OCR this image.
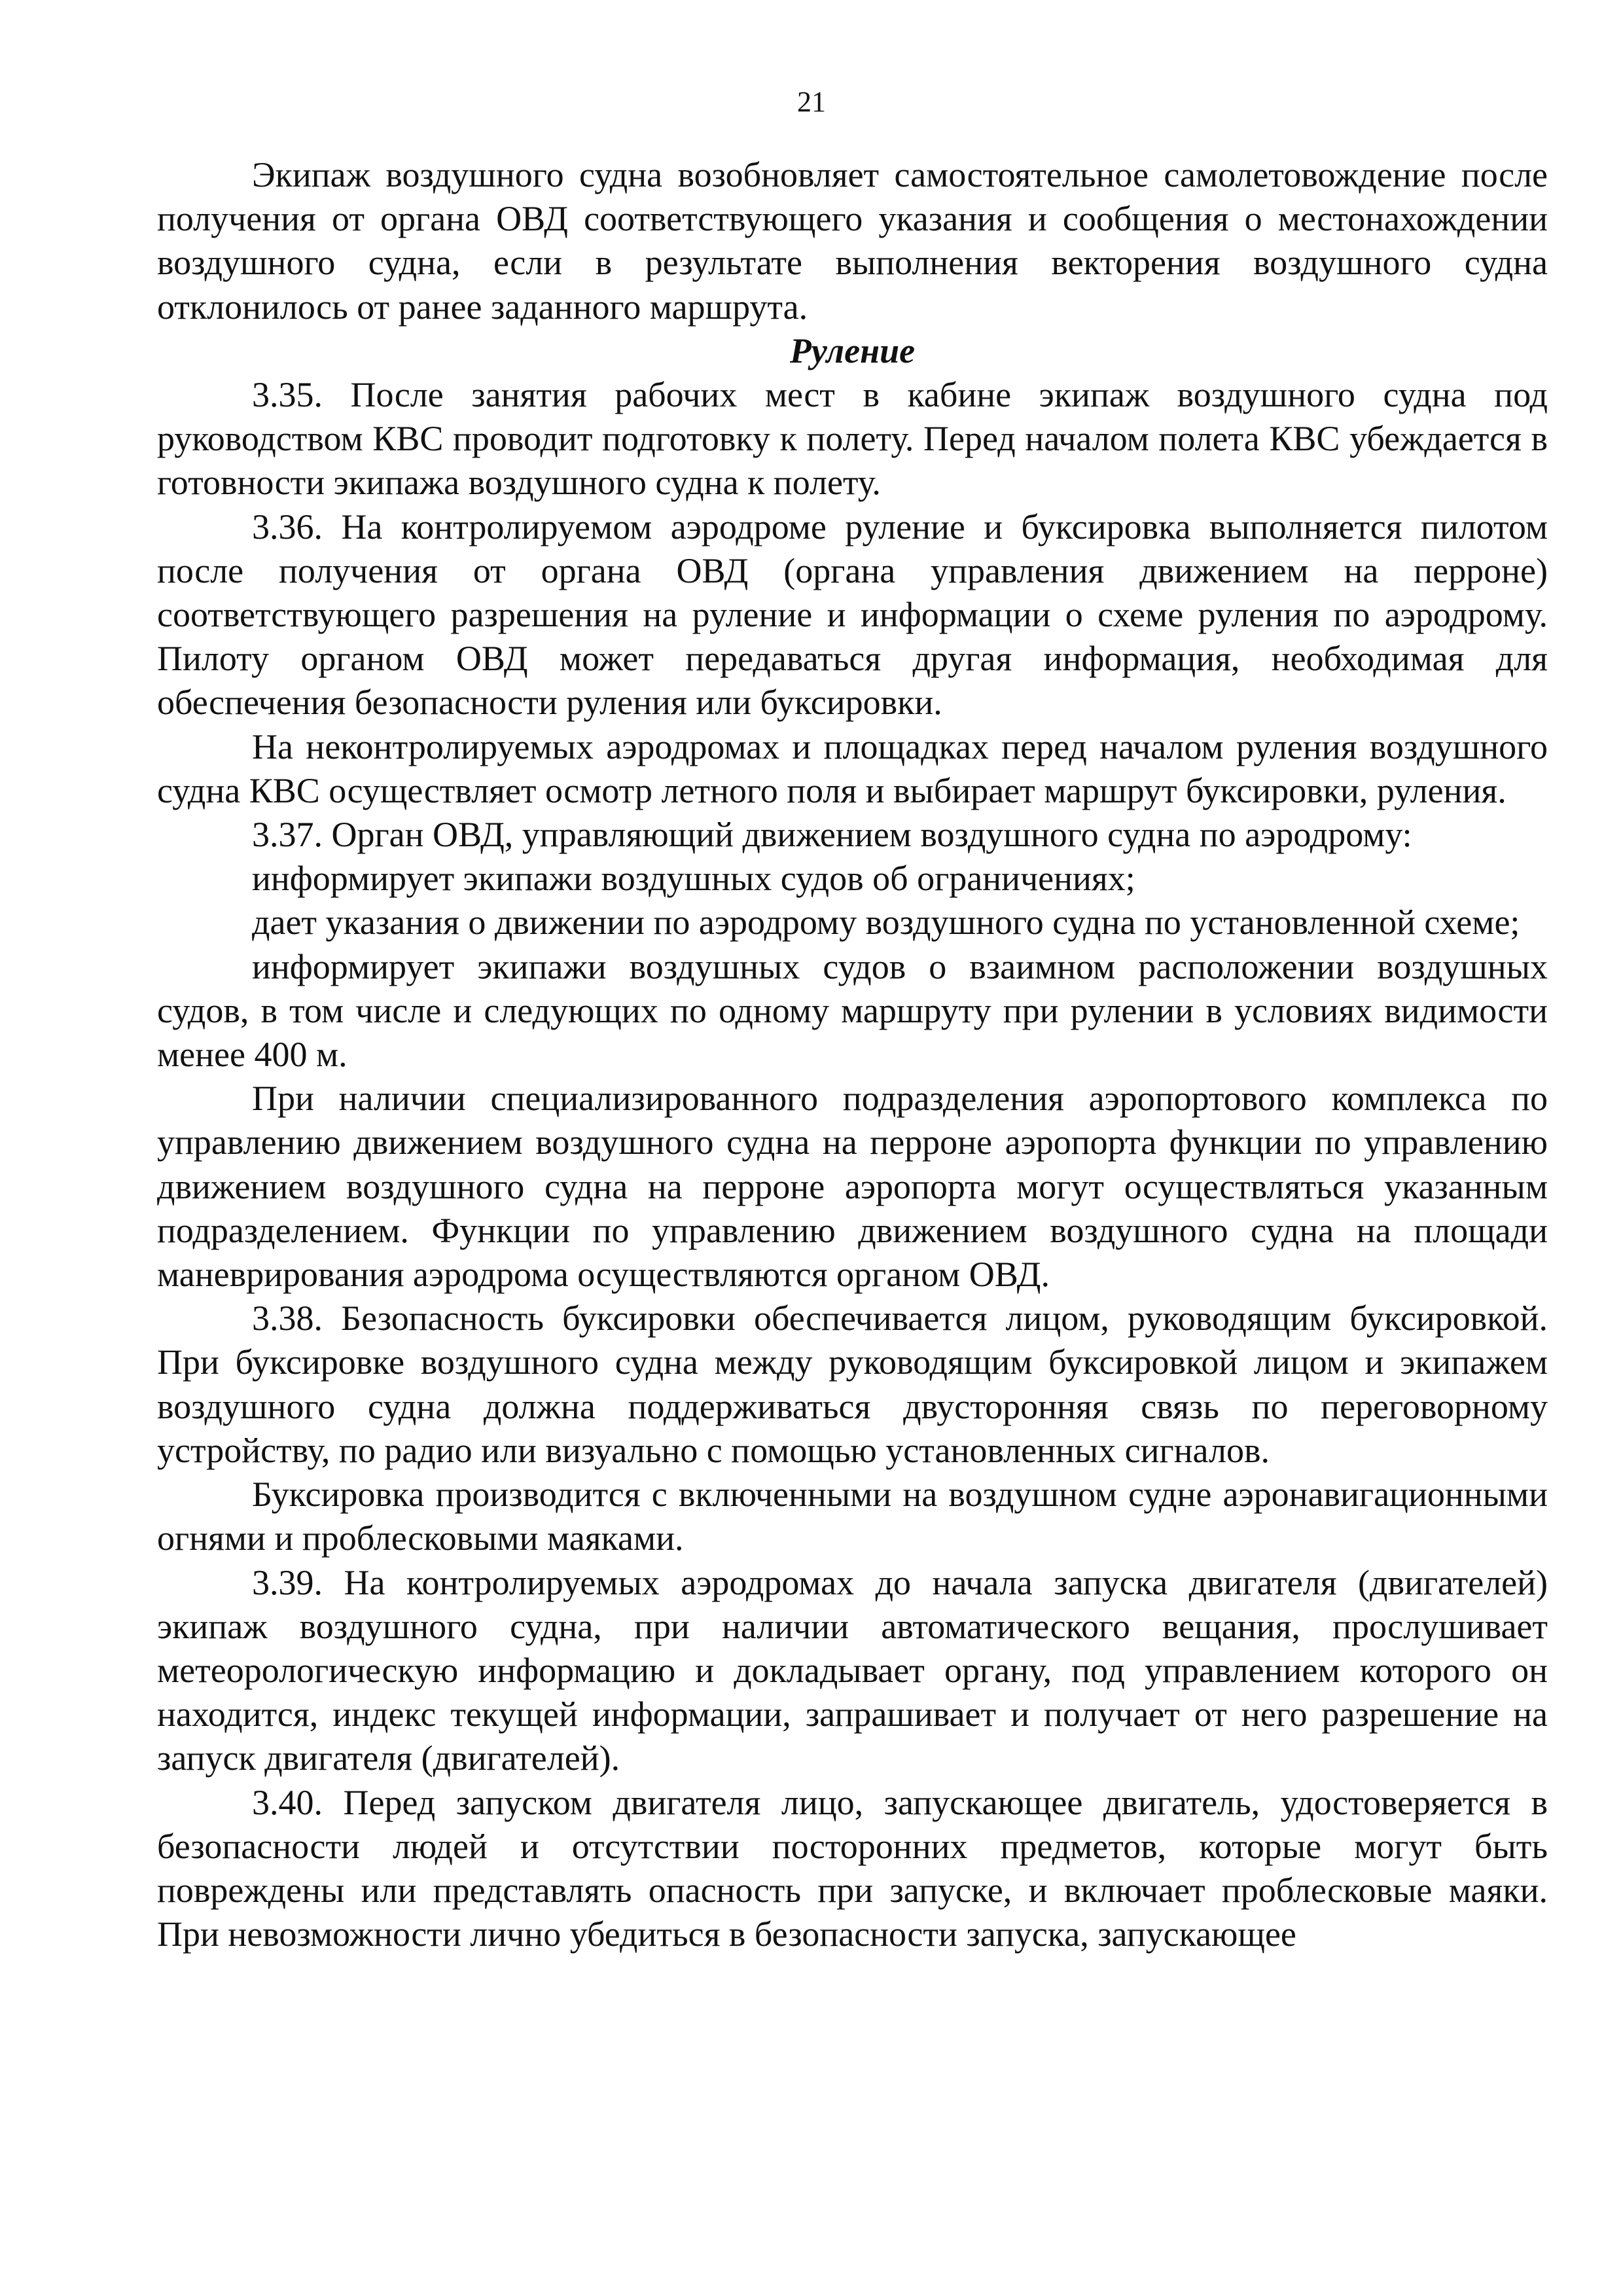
21

Экипаж воздушного судна возобновляет самостоятельное самолетовождение после получения от органа ОВД соответствующего указания и сообщения о местонахождении воздушного судна, если в результате выполнения векторения воздушного судна отклонилось от ранее заданного маршрута.

Руление

3.35. После занятия рабочих мест в кабине экипаж воздушного судна под руководством КВС проводит подготовку к полету. Перед началом полета КВС убеждается в готовности экипажа воздушного судна к полету.

3.36. На контролируемом аэродроме руление и буксировка выполняется пилотом после получения от органа ОВД (органа управления движением на перроне) соответствующего разрешения на руление и информации о схеме руления по аэродрому. Пилоту органом ОВД может передаваться другая информация, необходимая для обеспечения безопасности руления или буксировки.

На неконтролируемых аэродромах и площадках перед началом руления воздушного судна КВС осуществляет осмотр летного поля и выбирает маршрут буксировки, руления.

3.37. Орган ОВД, управляющий движением воздушного судна по аэродрому:

информирует экипажи воздушных судов об ограничениях;

дает указания о движении по аэродрому воздушного судна по установленной схеме;

информирует экипажи воздушных судов о взаимном расположении воздушных судов, в том числе и следующих по одному маршруту при рулении в условиях видимости менее 400 м.

При наличии специализированного подразделения аэропортового комплекса по управлению движением воздушного судна на перроне аэропорта функции по управлению движением воздушного судна на перроне аэропорта могут осуществляться указанным подразделением. Функции по управлению движением воздушного судна на площади маневрирования аэродрома осуществляются органом ОВД.

3.38. Безопасность буксировки обеспечивается лицом, руководящим буксировкой. При буксировке воздушного судна между руководящим буксировкой лицом и экипажем воздушного судна должна поддерживаться двусторонняя связь по переговорному устройству, по радио или визуально с помощью установленных сигналов.

Буксировка производится с включенными на воздушном судне аэронавигационными огнями и проблесковыми маяками.

3.39. На контролируемых аэродромах до начала запуска двигателя (двигателей) экипаж воздушного судна, при наличии автоматического вещания, прослушивает метеорологическую информацию и докладывает органу, под управлением которого он находится, индекс текущей информации, запрашивает и получает от него разрешение на запуск двигателя (двигателей).

3.40. Перед запуском двигателя лицо, запускающее двигатель, удостоверяется в безопасности людей и отсутствии посторонних предметов, которые могут быть повреждены или представлять опасность при запуске, и включает проблесковые маяки. При невозможности лично убедиться в безопасности запуска, запускающее
